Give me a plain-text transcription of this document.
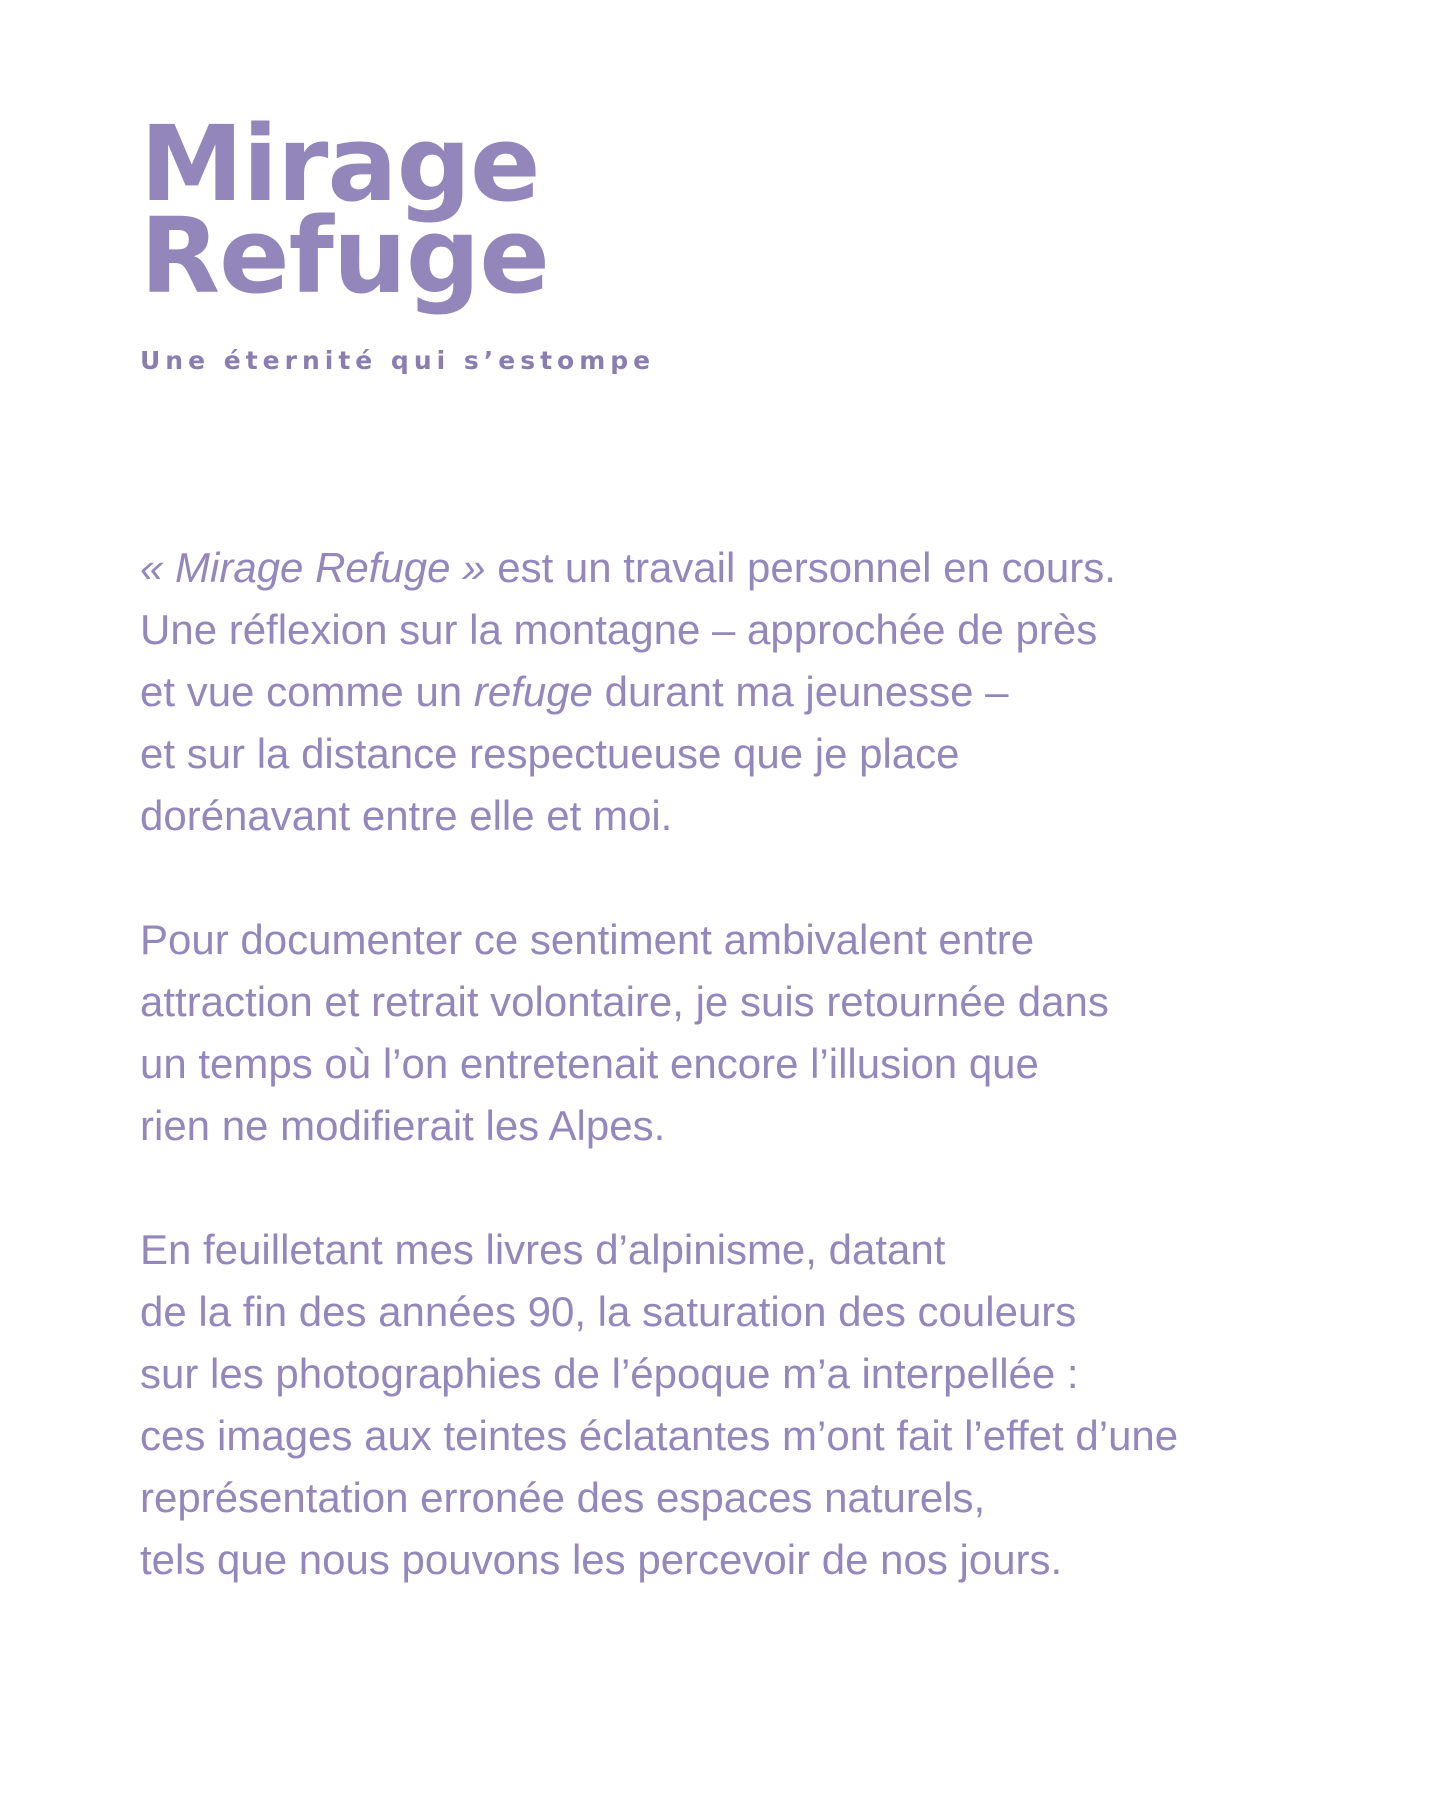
Mirage
Refuge
Une éternité qui s’estompe

« Mirage Refuge » est un travail personnel en cours.
Une réflexion sur la montagne – approchée de près
et vue comme un refuge durant ma jeunesse –
et sur la distance respectueuse que je place
dorénavant entre elle et moi.

Pour documenter ce sentiment ambivalent entre
attraction et retrait volontaire, je suis retournée dans
un temps où l’on entretenait encore l’illusion que
rien ne modifierait les Alpes.

En feuilletant mes livres d’alpinisme, datant
de la fin des années 90, la saturation des couleurs
sur les photographies de l’époque m’a interpellée :
ces images aux teintes éclatantes m’ont fait l’effet d’une
représentation erronée des espaces naturels,
tels que nous pouvons les percevoir de nos jours.
